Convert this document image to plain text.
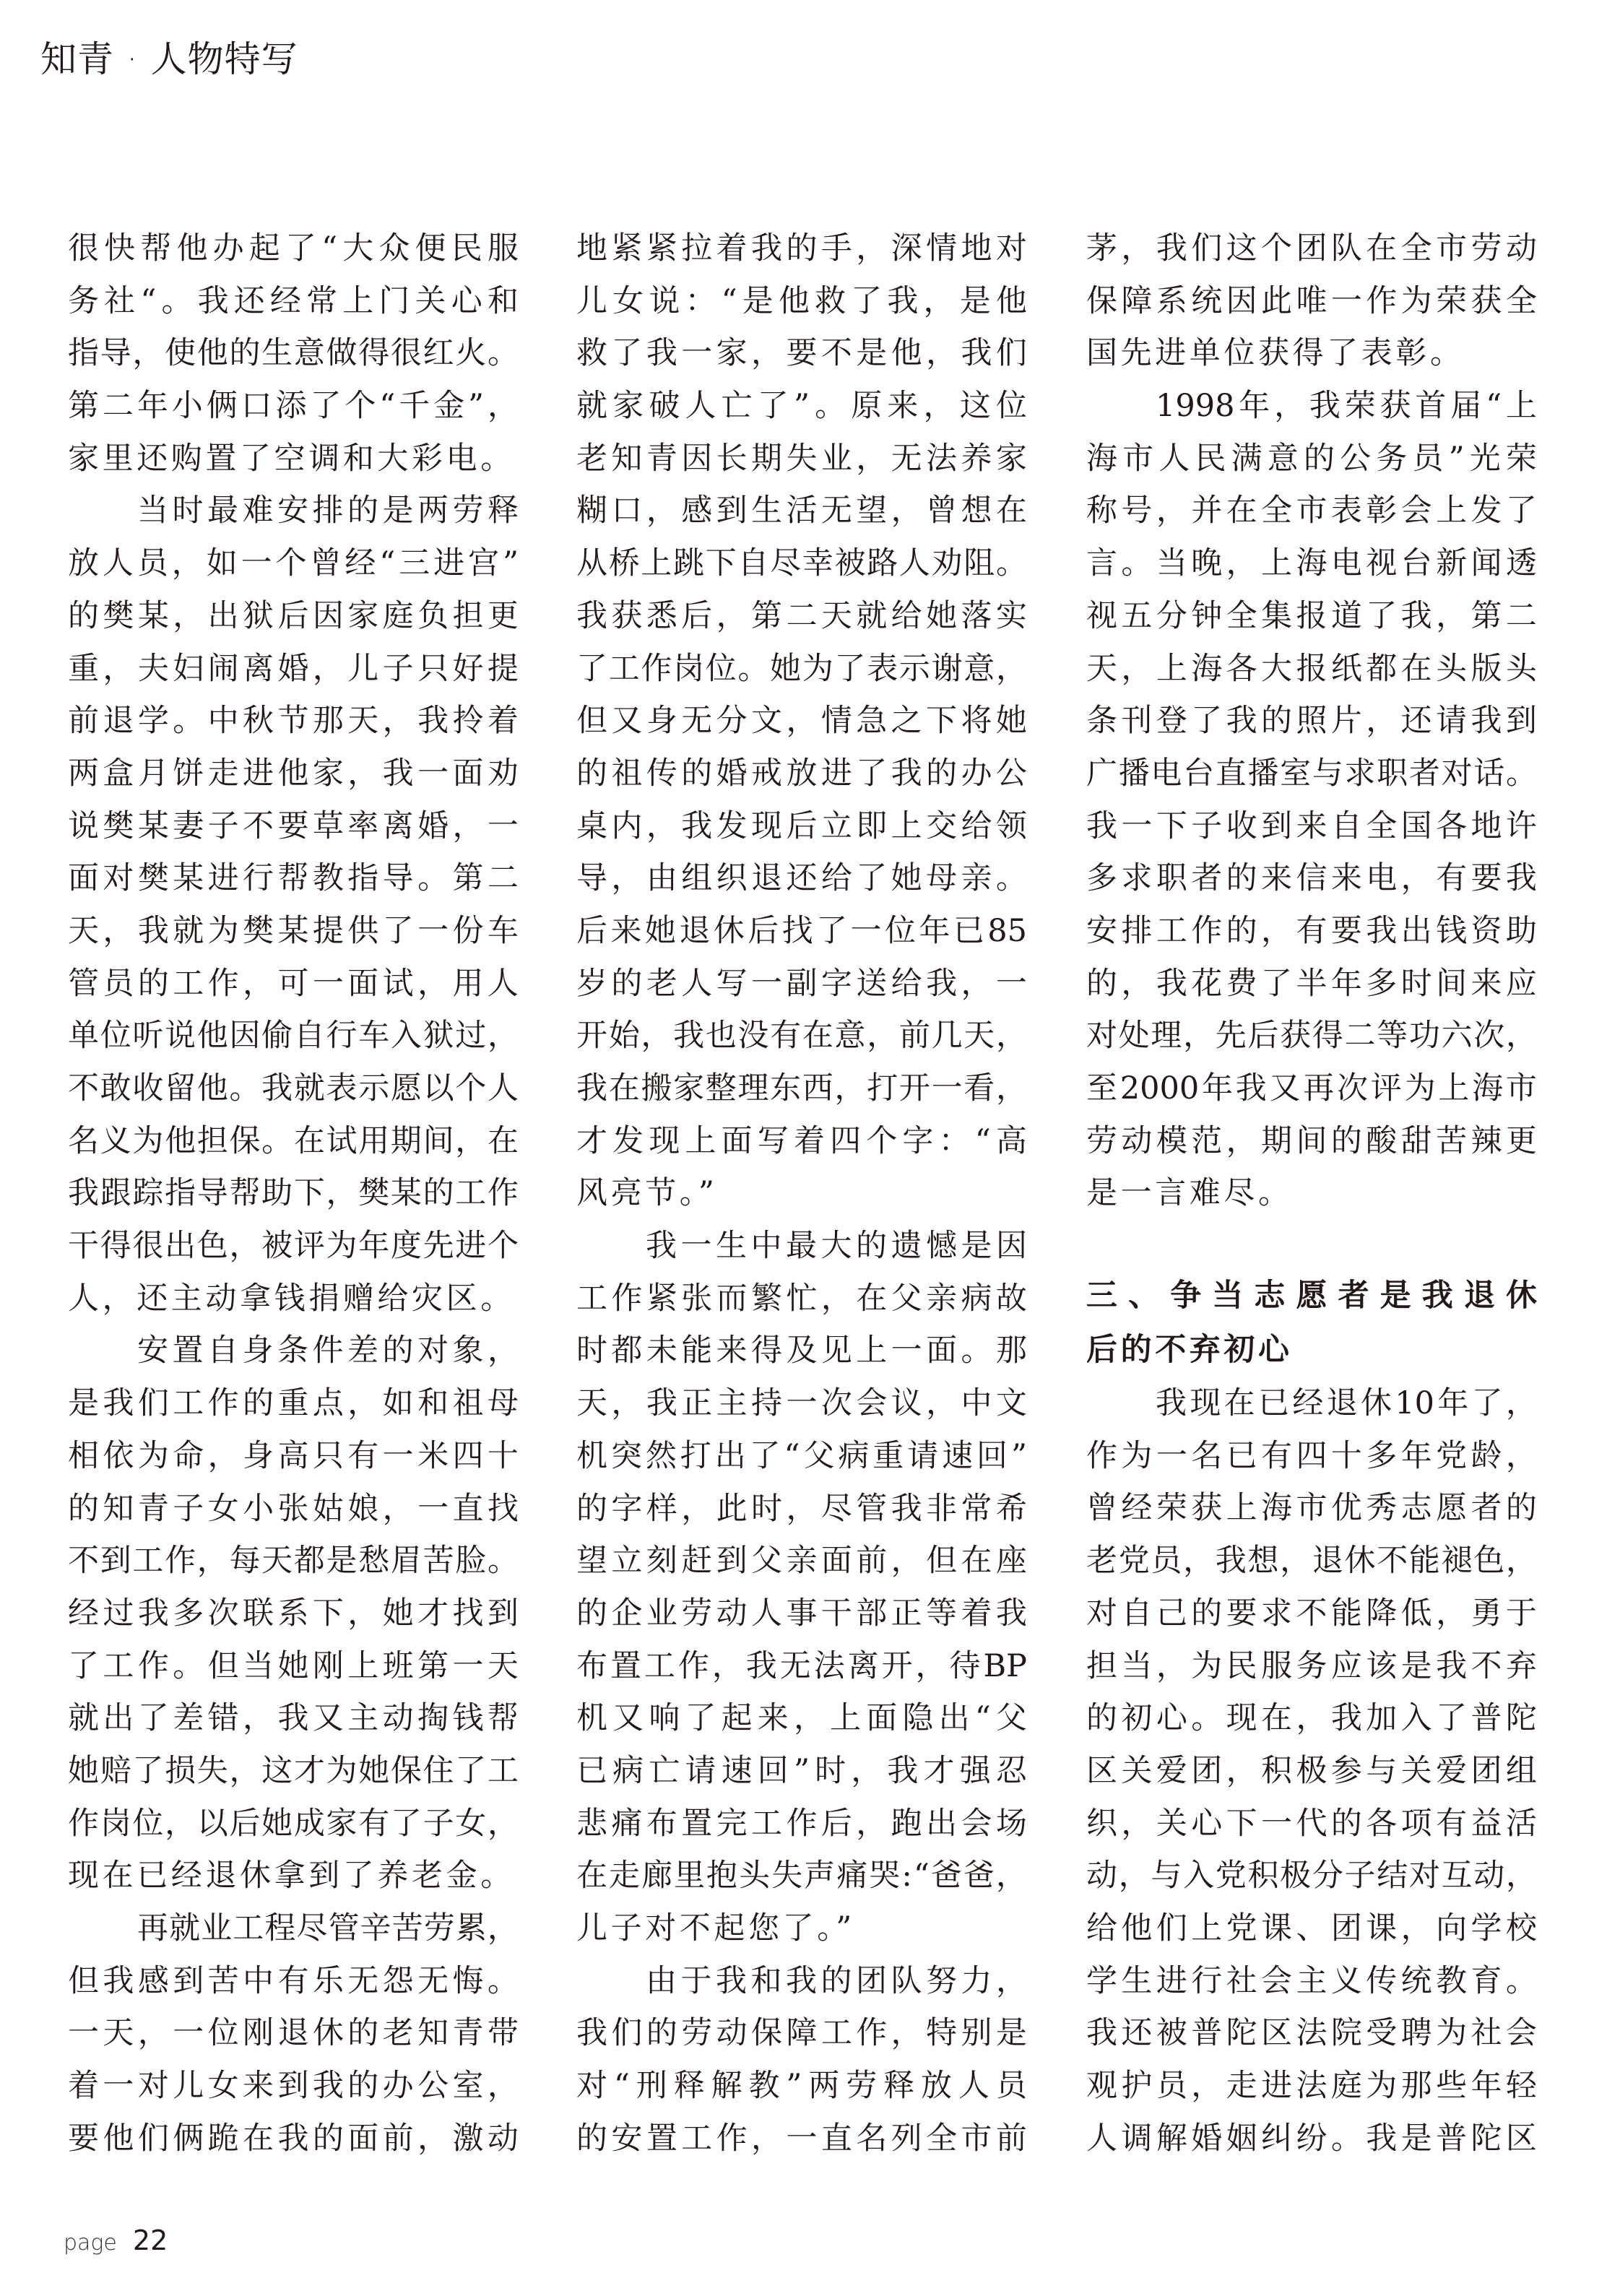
知青 · 人物特写
很 快 帮 他 办 起 了 “ 大 众 便 民 服
务 社 “ 。 我 还 经 常 上 门 关 心 和
指 导 ， 使 他 的 生 意 做 得 很 红 火 。
第 二 年 小 俩 口 添 了 个 “ 千 金 ” ，
家里还购置了空调和大彩电。
当 时 最 难 安 排 的 是 两 劳 释
放 人 员 ， 如 一 个 曾 经 “ 三 进 宫 ”
的 樊 某 ， 出 狱 后 因 家 庭 负 担 更
重 ， 夫 妇 闹 离 婚 ， 儿 子 只 好 提
前 退 学 。 中 秋 节 那 天 ， 我 拎 着
两 盒 月 饼 走 进 他 家 ， 我 一 面 劝
说 樊 某 妻 子 不 要 草 率 离 婚 ， 一
面 对 樊 某 进 行 帮 教 指 导 。 第 二
天 ， 我 就 为 樊 某 提 供 了 一 份 车
管 员 的 工 作 ， 可 一 面 试 ， 用 人
单 位 听 说 他 因 偷 自 行 车 入 狱 过 ，
不 敢 收 留 他 。 我 就 表 示 愿 以 个 人
名 义 为 他 担 保 。 在 试 用 期 间 ， 在
我 跟 踪 指 导 帮 助 下 ， 樊 某 的 工 作
干 得 很 出 色 ， 被 评 为 年 度 先 进 个
人，还主动拿钱捐赠给灾区。
安 置 自 身 条 件 差 的 对 象 ，
是 我 们 工 作 的 重 点 ， 如 和 祖 母
相 依 为 命 ， 身 高 只 有 一 米 四 十
的 知 青 子 女 小 张 姑 娘 ， 一 直 找
不 到 工 作 ， 每 天 都 是 愁 眉 苦 脸 。
经 过 我 多 次 联 系 下 ， 她 才 找 到
了 工 作 。 但 当 她 刚 上 班 第 一 天
就 出 了 差 错 ， 我 又 主 动 掏 钱 帮
她 赔 了 损 失 ， 这 才 为 她 保 住 了 工
作 岗 位 ， 以 后 她 成 家 有 了 子 女 ，
现在已经退休拿到了养老金。
再 就 业 工 程 尽 管 辛 苦 劳 累 ，
但 我 感 到 苦 中 有 乐 无 怨 无 悔 。
一 天 ， 一 位 刚 退 休 的 老 知 青 带
着 一 对 儿 女 来 到 我 的 办 公 室 ，
要 他 们 俩 跪 在 我 的 面 前 ， 激 动
地 紧 紧 拉 着 我 的 手 ， 深 情 地 对
儿 女 说 ： “ 是 他 救 了 我 ， 是 他
救 了 我 一 家 ， 要 不 是 他 ， 我 们
就 家 破 人 亡 了 ” 。 原 来 ， 这 位
老 知 青 因 长 期 失 业 ， 无 法 养 家
糊 口 ， 感 到 生 活 无 望 ， 曾 想 在
从 桥 上 跳 下 自 尽 幸 被 路 人 劝 阻 。
我 获 悉 后 ， 第 二 天 就 给 她 落 实
了 工 作 岗 位 。 她 为 了 表 示 谢 意 ，
但 又 身 无 分 文 ， 情 急 之 下 将 她
的 祖 传 的 婚 戒 放 进 了 我 的 办 公
桌 内 ， 我 发 现 后 立 即 上 交 给 领
导 ， 由 组 织 退 还 给 了 她 母 亲 。
后 来 她 退 休 后 找 了 一 位 年 已 85
岁 的 老 人 写 一 副 字 送 给 我 ， 一
开 始 ， 我 也 没 有 在 意 ， 前 几 天 ，
我 在 搬 家 整 理 东 西 ， 打 开 一 看 ，
才 发 现 上 面 写 着 四 个 字 ： “ 高
风亮节。”
我 一 生 中 最 大 的 遗 憾 是 因
工 作 紧 张 而 繁 忙 ， 在 父 亲 病 故
时 都 未 能 来 得 及 见 上 一 面 。 那
天 ， 我 正 主 持 一 次 会 议 ， 中 文
机 突 然 打 出 了 “ 父 病 重 请 速 回 ”
的 字 样 ， 此 时 ， 尽 管 我 非 常 希
望 立 刻 赶 到 父 亲 面 前 ， 但 在 座
的 企 业 劳 动 人 事 干 部 正 等 着 我
布 置 工 作 ， 我 无 法 离 开 ， 待 BP
机 又 响 了 起 来 ， 上 面 隐 出 “ 父
已 病 亡 请 速 回 ” 时 ， 我 才 强 忍
悲 痛 布 置 完 工 作 后 ， 跑 出 会 场
在 走 廊 里 抱 头 失 声 痛 哭 : “ 爸 爸 ，
儿子对不起您了。”
由 于 我 和 我 的 团 队 努 力 ，
我 们 的 劳 动 保 障 工 作 ， 特 别 是
对 “ 刑 释 解 教 ” 两 劳 释 放 人 员
的 安 置 工 作 ， 一 直 名 列 全 市 前
茅 ， 我 们 这 个 团 队 在 全 市 劳 动
保 障 系 统 因 此 唯 一 作 为 荣 获 全
国先进单位获得了表彰。
1998 年 ， 我 荣 获 首 届 “ 上
海 市 人 民 满 意 的 公 务 员 ” 光 荣
称 号 ， 并 在 全 市 表 彰 会 上 发 了
言 。 当 晚 ， 上 海 电 视 台 新 闻 透
视 五 分 钟 全 集 报 道 了 我 ， 第 二
天 ， 上 海 各 大 报 纸 都 在 头 版 头
条 刊 登 了 我 的 照 片 ， 还 请 我 到
广 播 电 台 直 播 室 与 求 职 者 对 话 。
我 一 下 子 收 到 来 自 全 国 各 地 许
多 求 职 者 的 来 信 来 电 ， 有 要 我
安 排 工 作 的 ， 有 要 我 出 钱 资 助
的 ， 我 花 费 了 半 年 多 时 间 来 应
对 处 理 ， 先 后 获 得 二 等 功 六 次 ，
至 2000 年 我 又 再 次 评 为 上 海 市
劳 动 模 范 ， 期 间 的 酸 甜 苦 辣 更
是一言难尽。
三 、 争 当 志 愿 者 是 我 退 休
后的不弃初心
我 现 在 已 经 退 休 10 年 了 ，
作 为 一 名 已 有 四 十 多 年 党 龄 ，
曾 经 荣 获 上 海 市 优 秀 志 愿 者 的
老 党 员 ， 我 想 ， 退 休 不 能 褪 色 ，
对 自 己 的 要 求 不 能 降 低 ， 勇 于
担 当 ， 为 民 服 务 应 该 是 我 不 弃
的 初 心 。 现 在 ， 我 加 入 了 普 陀
区 关 爱 团 ， 积 极 参 与 关 爱 团 组
织 ， 关 心 下 一 代 的 各 项 有 益 活
动 ， 与 入 党 积 极 分 子 结 对 互 动 ，
给 他 们 上 党 课 、 团 课 ， 向 学 校
学 生 进 行 社 会 主 义 传 统 教 育 。
我 还 被 普 陀 区 法 院 受 聘 为 社 会
观 护 员 ， 走 进 法 庭 为 那 些 年 轻
人 调 解 婚 姻 纠 纷 。 我 是 普 陀 区
page 22
